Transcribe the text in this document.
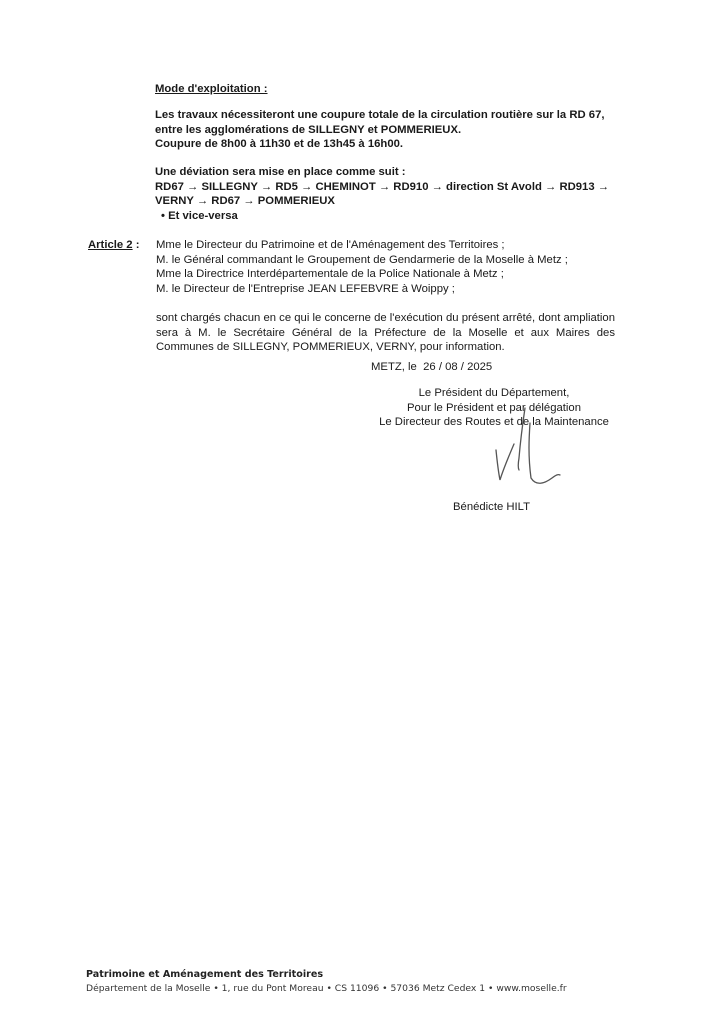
Mode d'exploitation :
Les travaux nécessiteront une coupure totale de la circulation routière sur la RD 67,
entre les agglomérations de SILLEGNY et POMMERIEUX.
Coupure de 8h00 à 11h30 et de 13h45 à 16h00.
Une déviation sera mise en place comme suit :
RD67 → SILLEGNY → RD5 → CHEMINOT → RD910 → direction St Avold → RD913 →
VERNY → RD67 → POMMERIEUX
• Et vice-versa
Article 2 : Mme le Directeur du Patrimoine et de l'Aménagement des Territoires ;
M. le Général commandant le Groupement de Gendarmerie de la Moselle à Metz ;
Mme la Directrice Interdépartementale de la Police Nationale à Metz ;
M. le Directeur de l'Entreprise JEAN LEFEBVRE à Woippy ;
sont chargés chacun en ce qui le concerne de l'exécution du présent arrêté, dont ampliation sera à M. le Secrétaire Général de la Préfecture de la Moselle et aux Maires des Communes de SILLEGNY, POMMERIEUX, VERNY, pour information.
METZ, le 26 / 08 / 2025
Le Président du Département,
Pour le Président et par délégation
Le Directeur des Routes et de la Maintenance
Bénédicte HILT
Patrimoine et Aménagement des Territoires
Département de la Moselle • 1, rue du Pont Moreau • CS 11096 • 57036 Metz Cedex 1 • www.moselle.fr
